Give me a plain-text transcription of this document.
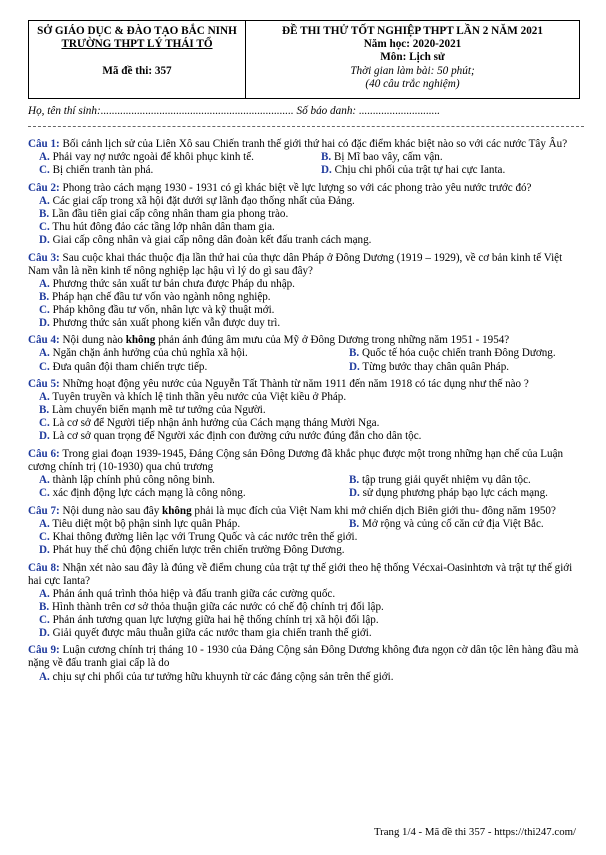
SỞ GIÁO DỤC & ĐÀO TẠO BẮC NINH
TRƯỜNG THPT LÝ THÁI TỔ
Mã đề thi: 357
ĐỀ THI THỬ TỐT NGHIỆP THPT LẦN 2 NĂM 2021
Năm học: 2020-2021
Môn: Lịch sử
Thời gian làm bài: 50 phút;
(40 câu trắc nghiệm)
Họ, tên thí sinh:..................................................................... Số báo danh: .............................
Câu 1: Bối cảnh lịch sử của Liên Xô sau Chiến tranh thế giới thứ hai có đặc điểm khác biệt nào so với các nước Tây Âu?
A. Phải vay nợ nước ngoài để khôi phục kinh tế.	B. Bị Mĩ bao vây, cấm vận.
C. Bị chiến tranh tàn phá.	D. Chịu chi phối của trật tự hai cực Ianta.
Câu 2: Phong trào cách mạng 1930 - 1931 có gì khác biệt về lực lượng so với các phong trào yêu nước trước đó?
A. Các giai cấp trong xã hội đặt dưới sự lãnh đạo thống nhất của Đảng.
B. Lần đầu tiên giai cấp công nhân tham gia phong trào.
C. Thu hút đông đảo các tầng lớp nhân dân tham gia.
D. Giai cấp công nhân và giai cấp nông dân đoàn kết đấu tranh cách mạng.
Câu 3: Sau cuộc khai thác thuộc địa lần thứ hai của thực dân Pháp ở Đông Dương (1919 – 1929), về cơ bản kinh tế Việt Nam vẫn là nền kinh tế nông nghiệp lạc hậu vì lý do gì sau đây?
A. Phương thức sản xuất tư bản chưa được Pháp du nhập.
B. Pháp hạn chế đầu tư vốn vào ngành nông nghiệp.
C. Pháp không đầu tư vốn, nhân lực và kỹ thuật mới.
D. Phương thức sản xuất phong kiến vẫn được duy trì.
Câu 4: Nội dung nào không phản ánh đúng âm mưu của Mỹ ở Đông Dương trong những năm 1951 - 1954?
A. Ngăn chặn ảnh hưởng của chủ nghĩa xã hội.	B. Quốc tế hóa cuộc chiến tranh Đông Dương.
C. Đưa quân đội tham chiến trực tiếp.	D. Từng bước thay chân quân Pháp.
Câu 5: Những hoạt động yêu nước của Nguyễn Tất Thành từ năm 1911 đến năm 1918 có tác dụng như thế nào ?
A. Tuyên truyền và khích lệ tinh thần yêu nước của Việt kiều ở Pháp.
B. Làm chuyển biến mạnh mẽ tư tưởng của Người.
C. Là cơ sở để Người tiếp nhận ảnh hưởng của Cách mạng tháng Mười Nga.
D. Là cơ sở quan trọng để Người xác định con đường cứu nước đúng đắn cho dân tộc.
Câu 6: Trong giai đoạn 1939-1945, Đảng Cộng sản Đông Dương đã khắc phục được một trong những hạn chế của Luận cương chính trị (10-1930) qua chủ trương
A. thành lập chính phủ công nông binh.	B. tập trung giải quyết nhiệm vụ dân tộc.
C. xác định động lực cách mạng là công nông.	D. sử dụng phương pháp bạo lực cách mạng.
Câu 7: Nội dung nào sau đây không phải là mục đích của Việt Nam khi mở chiến dịch Biên giới thu- đông năm 1950?
A. Tiêu diệt một bộ phận sinh lực quân Pháp.	B. Mở rộng và củng cố căn cứ địa Việt Bắc.
C. Khai thông đường liên lạc với Trung Quốc và các nước trên thế giới.
D. Phát huy thế chủ động chiến lược trên chiến trường Đông Dương.
Câu 8: Nhận xét nào sau đây là đúng về điểm chung của trật tự thế giới theo hệ thống Vécxai-Oasinhtơn và trật tự thế giới hai cực Ianta?
A. Phản ánh quá trình thỏa hiệp và đấu tranh giữa các cường quốc.
B. Hình thành trên cơ sở thỏa thuận giữa các nước có chế độ chính trị đối lập.
C. Phản ánh tương quan lực lượng giữa hai hệ thống chính trị xã hội đối lập.
D. Giải quyết được mâu thuẫn giữa các nước tham gia chiến tranh thế giới.
Câu 9: Luận cương chính trị tháng 10 - 1930 của Đảng Cộng sản Đông Dương không đưa ngọn cờ dân tộc lên hàng đầu mà nặng về đấu tranh giai cấp là do
A. chịu sự chi phối của tư tưởng hữu khuynh từ các đảng cộng sản trên thế giới.
Trang 1/4 - Mã đề thi 357 - https://thi247.com/
